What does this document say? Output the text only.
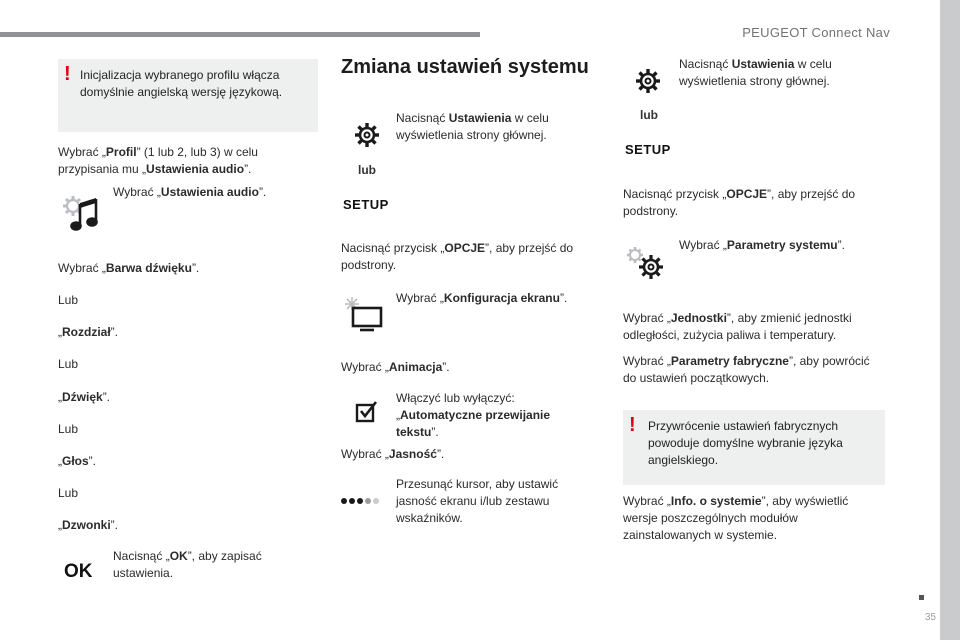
PEUGEOT Connect Nav
35
! Inicjalizacja wybranego profilu włącza domyślnie angielską wersję językową.
Wybrać „Profil” (1 lub 2, lub 3) w celu przypisania mu „Ustawienia audio”.
Wybrać „Ustawienia audio”.
Wybrać „Barwa dźwięku”.
Lub
„Rozdział”.
Lub
„Dźwięk”.
Lub
„Głos”.
Lub
„Dzwonki”.
OK
Nacisnąć „OK”, aby zapisać ustawienia.
Zmiana ustawień systemu
lub
SETUP
Nacisnąć Ustawienia w celu wyświetlenia strony głównej.
Nacisnąć przycisk „OPCJE”, aby przejść do podstrony.
Wybrać „Konfiguracja ekranu”.
Wybrać „Animacja”.
Włączyć lub wyłączyć: „Automatyczne przewijanie tekstu”.
Wybrać „Jasność”.
Przesunąć kursor, aby ustawić jasność ekranu i/lub zestawu wskaźników.
lub
SETUP
Nacisnąć Ustawienia w celu wyświetlenia strony głównej.
Nacisnąć przycisk „OPCJE”, aby przejść do podstrony.
Wybrać „Parametry systemu”.
Wybrać „Jednostki”, aby zmienić jednostki odległości, zużycia paliwa i temperatury.
Wybrać „Parametry fabryczne”, aby powrócić do ustawień początkowych.
! Przywrócenie ustawień fabrycznych powoduje domyślne wybranie języka angielskiego.
Wybrać „Info. o systemie”, aby wyświetlić wersje poszczególnych modułów zainstalowanych w systemie.
